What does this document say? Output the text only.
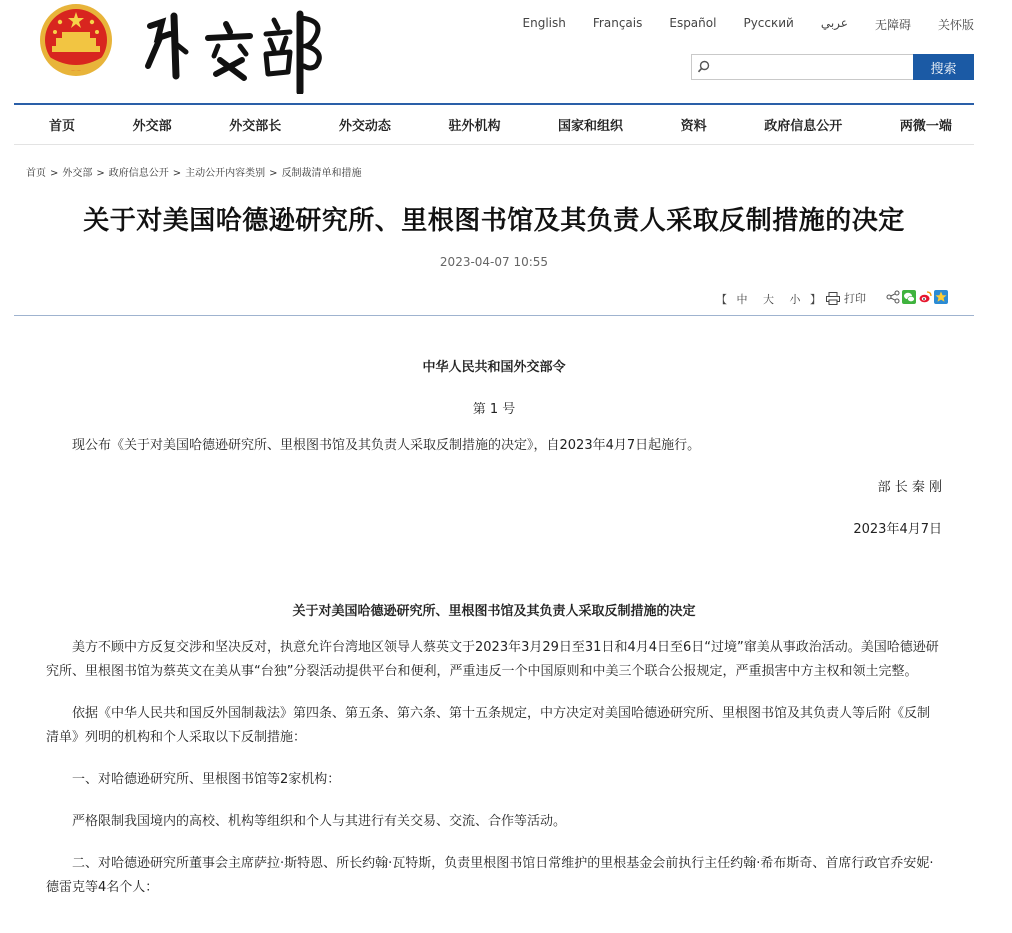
English Français Español Русский عربي 无障碍 关怀版
搜索
首页	外交部	外交部长	外交动态	驻外机构	国家和组织	资料	政府信息公开	两微一端
首页 > 外交部 > 政府信息公开 > 主动公开内容类别 > 反制裁清单和措施
关于对美国哈德逊研究所、里根图书馆及其负责人采取反制措施的决定
2023-04-07 10:55
【 中 大 小 】 打印

中华人民共和国外交部令

第 1 号

现公布《关于对美国哈德逊研究所、里根图书馆及其负责人采取反制措施的决定》，自2023年4月7日起施行。

部 长 秦 刚

2023年4月7日

关于对美国哈德逊研究所、里根图书馆及其负责人采取反制措施的决定

美方不顾中方反复交涉和坚决反对，执意允许台湾地区领导人蔡英文于2023年3月29日至31日和4月4日至6日“过境”窜美从事政治活动。美国哈德逊研究所、里根图书馆为蔡英文在美从事“台独”分裂活动提供平台和便利，严重违反一个中国原则和中美三个联合公报规定，严重损害中方主权和领土完整。

依据《中华人民共和国反外国制裁法》第四条、第五条、第六条、第十五条规定，中方决定对美国哈德逊研究所、里根图书馆及其负责人等后附《反制清单》列明的机构和个人采取以下反制措施：

一、对哈德逊研究所、里根图书馆等2家机构：

严格限制我国境内的高校、机构等组织和个人与其进行有关交易、交流、合作等活动。

二、对哈德逊研究所董事会主席萨拉·斯特恩、所长约翰·瓦特斯，负责里根图书馆日常维护的里根基金会前执行主任约翰·希布斯奇、首席行政官乔安妮·德雷克等4名个人：
